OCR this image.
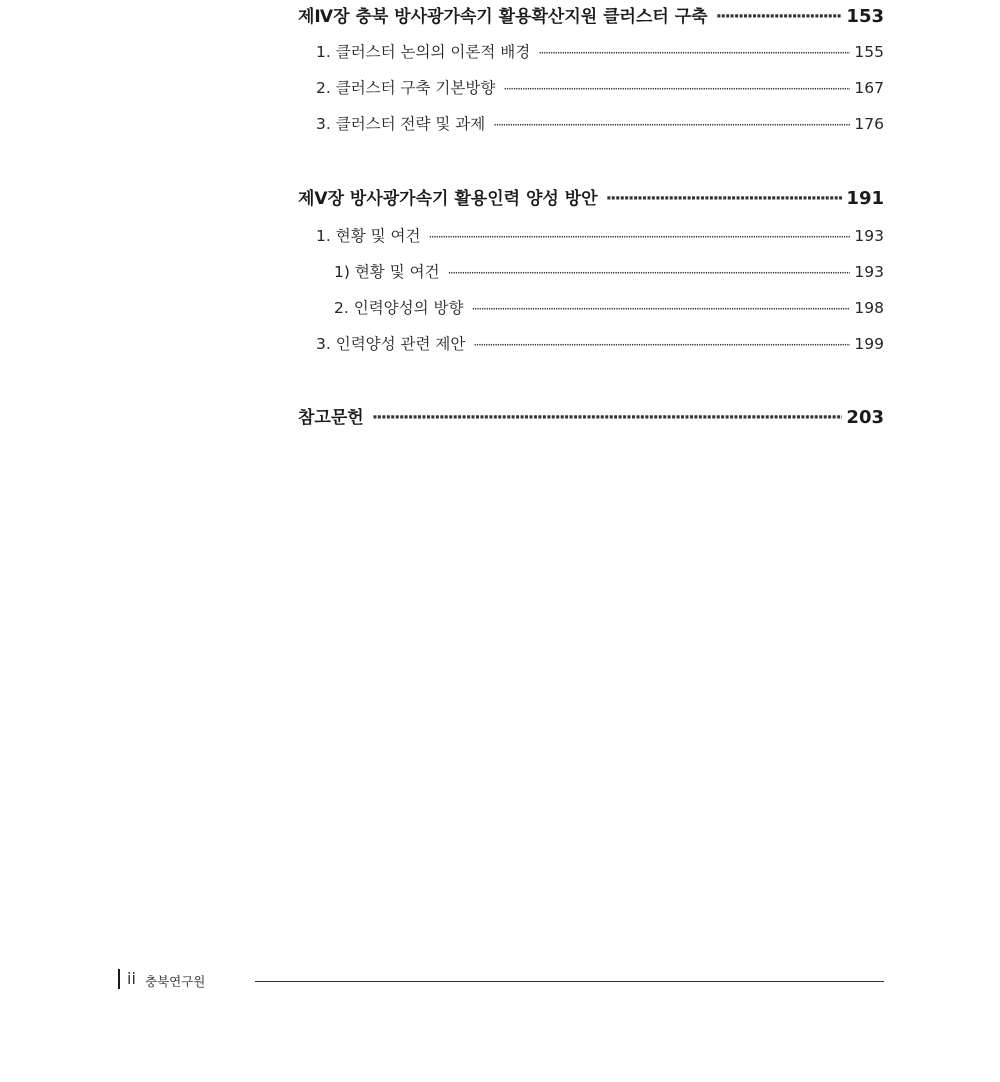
제Ⅳ장 충북 방사광가속기 활용확산지원 클러스터 구축 ·····	153
1. 클러스터 논의의 이론적 배경 ·····	155
2. 클러스터 구축 기본방향 ·····	167
3. 클러스터 전략 및 과제 ·····	176
제Ⅴ장 방사광가속기 활용인력 양성 방안 ·····	191
1. 현황 및 여건 ·····	193
1) 현황 및 여건 ·····	193
2. 인력양성의 방향 ·····	198
3. 인력양성 관련 제안 ·····	199
참고문헌 ·····	203
ii 충북연구원
